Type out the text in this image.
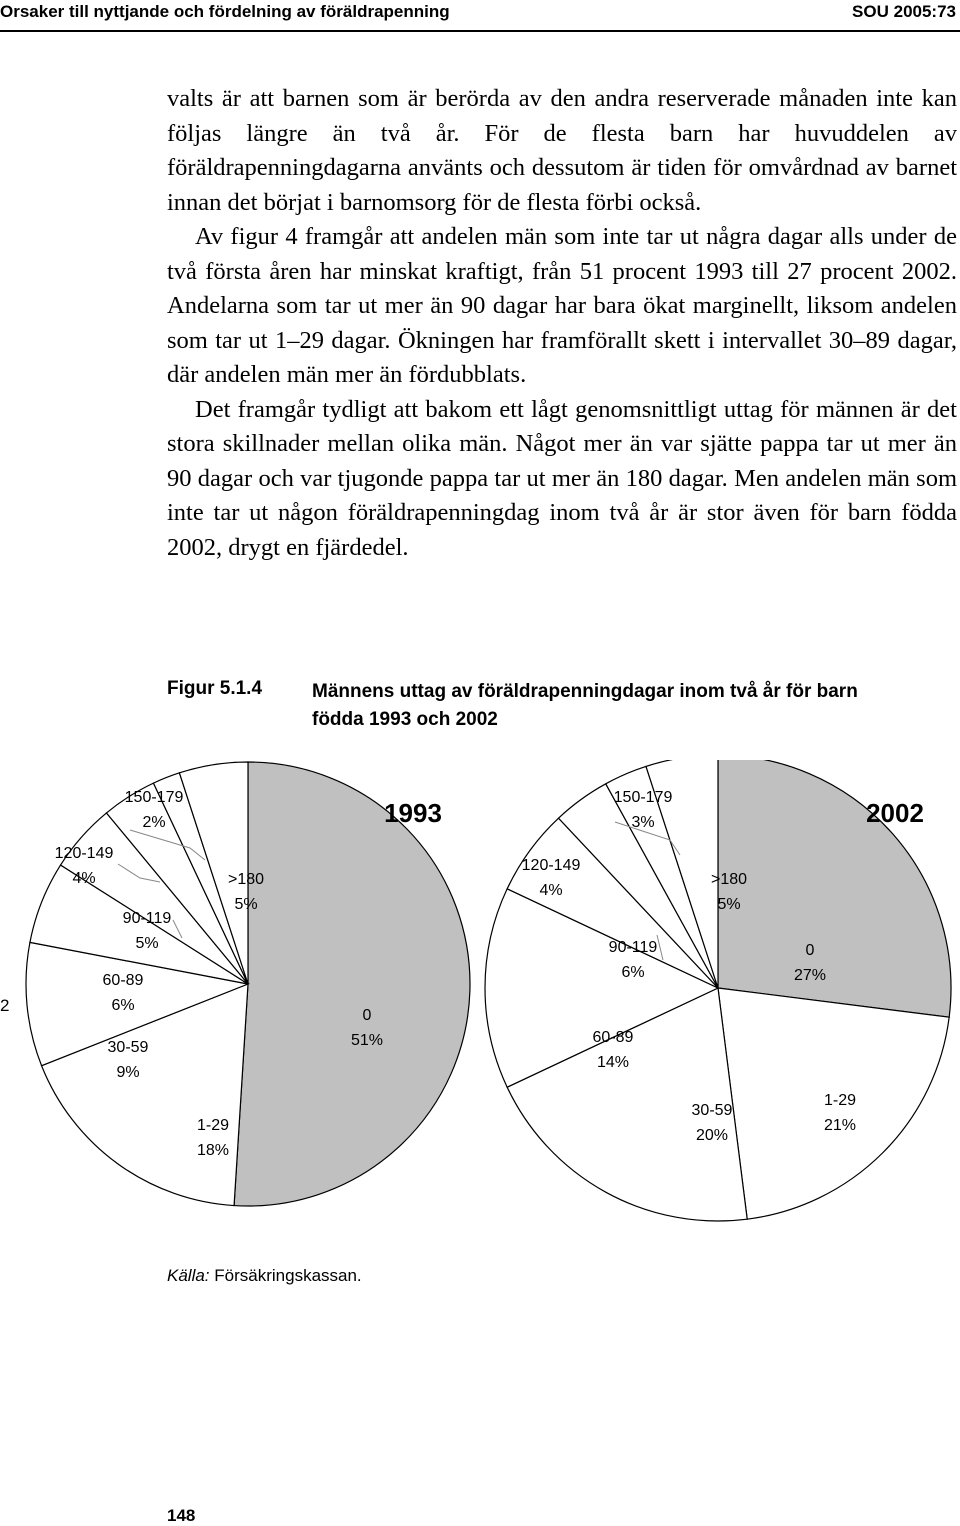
Orsaker till nyttjande och fördelning av föräldrapenning	SOU 2005:73

valts är att barnen som är berörda av den andra reserverade månaden inte kan följas längre än två år. För de flesta barn har huvuddelen av föräldrapenningdagarna använts och dessutom är tiden för omvårdnad av barnet innan det börjat i barnomsorg för de flesta förbi också.

Av figur 4 framgår att andelen män som inte tar ut några dagar alls under de två första åren har minskat kraftigt, från 51 procent 1993 till 27 procent 2002. Andelarna som tar ut mer än 90 dagar har bara ökat marginellt, liksom andelen som tar ut 1–29 dagar. Ökningen har framförallt skett i intervallet 30–89 dagar, där andelen män mer än fördubblats.

Det framgår tydligt att bakom ett lågt genomsnittligt uttag för männen är det stora skillnader mellan olika män. Något mer än var sjätte pappa tar ut mer än 90 dagar och var tjugonde pappa tar ut mer än 180 dagar. Men andelen män som inte tar ut någon föräldrapenningdag inom två år är stor även för barn födda 2002, drygt en fjärdedel.

Figur 5.1.4	Männens uttag av föräldrapenningdagar inom två år för barn födda 1993 och 2002
2
1993
0
51%
1-29
18%
30-59
9%
60-89
6%
90-119
5%
120-149
4%
150-179
2%
>180
5%
2002
0
27%
1-29
21%
30-59
20%
60-89
14%
90-119
6%
120-149
4%
150-179
3%
>180
5%
Källa: Försäkringskassan.
148
